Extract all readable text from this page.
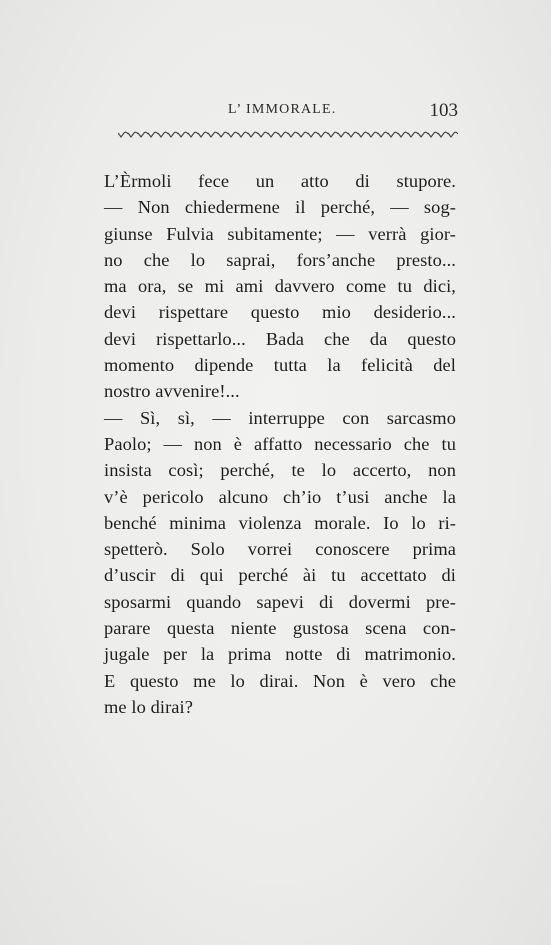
L’ IMMORALE.	103
L’Èrmoli fece un atto di stupore.
— Non chiedermene il perché, — sog-
giunse Fulvia subitamente; — verrà gior-
no che lo saprai, fors’anche presto...
ma ora, se mi ami davvero come tu dici,
devi rispettare questo mio desiderio...
devi rispettarlo... Bada che da questo
momento dipende tutta la felicità del
nostro avvenire!...
— Sì, sì, — interruppe con sarcasmo
Paolo; — non è affatto necessario che tu
insista così; perché, te lo accerto, non
v’è pericolo alcuno ch’io t’usi anche la
benché minima violenza morale. Io lo ri-
spetterò. Solo vorrei conoscere prima
d’uscir di qui perché ài tu accettato di
sposarmi quando sapevi di dovermi pre-
parare questa niente gustosa scena con-
jugale per la prima notte di matrimonio.
E questo me lo dirai. Non è vero che
me lo dirai?
